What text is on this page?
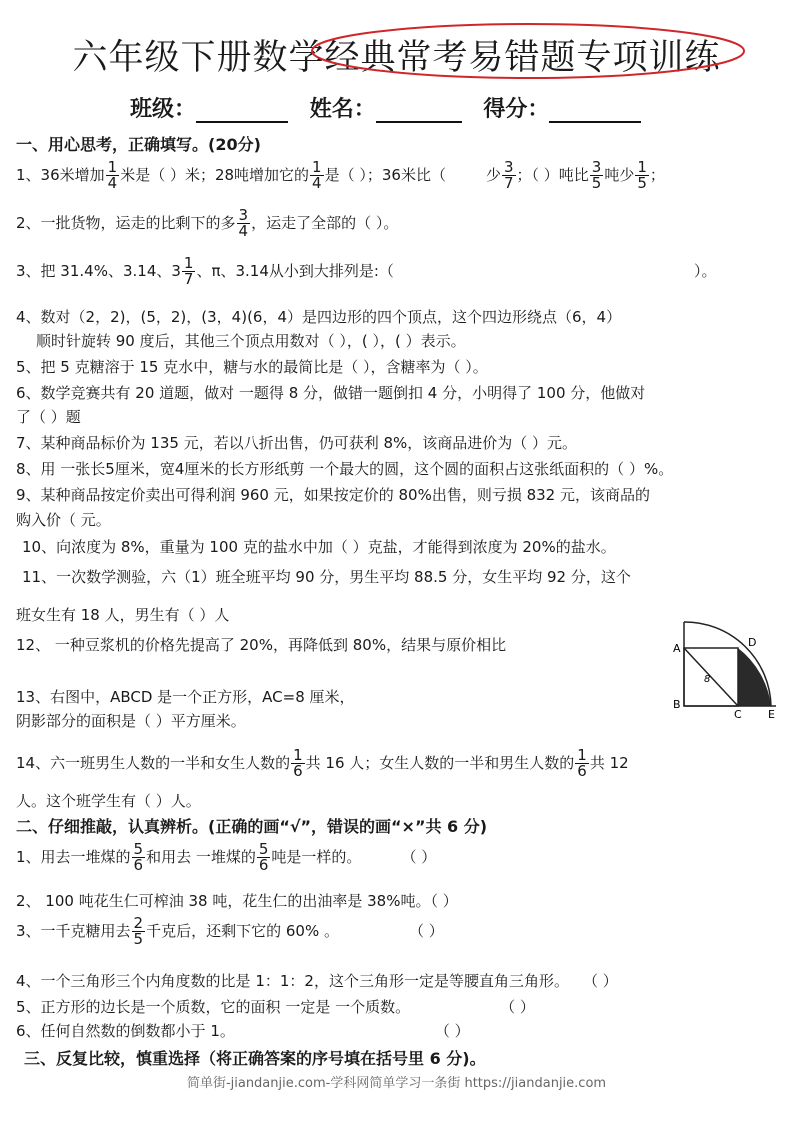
六年级下册数学经典常考易错题专项训练
班级：	姓名：	得分：
一、用心思考，正确填写。(20分)
1、36米增加 $\frac{1}{4}$ 米是（ ）米；28吨增加它的 $\frac{1}{4}$ 是（ ）；36米比（	少 $\frac{3}{7}$ ；（ ）吨比 $\frac{3}{5}$ 吨少 $\frac{1}{5}$ ；
2、一批货物，运走的比剩下的多 $\frac{3}{4}$ ，运走了全部的（ ）。
3、把 31.4%、3.14、$3 \frac{1}{7}$ 、π、3.14从小到大排列是:（	）。
4、数对（2，2)，(5，2)，(3，4)(6，4）是四边形的四个顶点，这个四边形绕点（6，4）
顺时针旋转 90 度后，其他三个顶点用数对（ ），( ），( ）表示。
5、把 5 克糖溶于 15 克水中，糖与水的最简比是（ ），含糖率为（ ）。
6、数学竞赛共有 20 道题，做对 一题得 8 分，做错一题倒扣 4 分，小明得了 100 分，他做对
了（ ）题
7、某种商品标价为 135 元，若以八折出售，仍可获利 8%，该商品进价为（ ）元。
8、用 一张长5厘米，宽4厘米的长方形纸剪 一个最大的圆，这个圆的面积占这张纸面积的（ ）%。
9、某种商品按定价卖出可得利润 960 元，如果按定价的 80%出售，则亏损 832 元，该商品的
购入价（ 元。
10、向浓度为 8%，重量为 100 克的盐水中加（ ）克盐，才能得到浓度为 20%的盐水。
11、一次数学测验，六（1）班全班平均 90 分，男生平均 88.5 分，女生平均 92 分，这个
班女生有 18 人，男生有（ ）人
12、 一种豆浆机的价格先提高了 20%，再降低到 80%，结果与原价相比
13、右图中，ABCD 是一个正方形，AC=8 厘米，
阴影部分的面积是（ ）平方厘米。
A
B
C
D
E
8
14、六一班男生人数的一半和女生人数的 $\frac{1}{6}$ 共 16 人；女生人数的一半和男生人数的 $\frac{1}{6}$ 共 12
人。这个班学生有（ ）人。
二、仔细推敲，认真辨析。(正确的画“√”，错误的画“×”共 6 分)
1、用去一堆煤的 $\frac{5}{6}$ 和用去 一堆煤的 $\frac{5}{6}$ 吨是一样的。	（ ）
2、 100 吨花生仁可榨油 38 吨，花生仁的出油率是 38%吨。（ ）
3、一千克糖用去 $\frac{2}{5}$ 千克后，还剩下它的 60% 。	（ ）
4、一个三角形三个内角度数的比是 1：1：2，这个三角形一定是等腰直角三角形。 （ ）
5、正方形的边长是一个质数，它的面积 一定是 一个质数。	（ ）
6、任何自然数的倒数都小于 1。	（ ）
三、反复比较，慎重选择（将正确答案的序号填在括号里 6 分)。
简单街-jiandanjie.com-学科网简单学习一条街 https://jiandanjie.com
